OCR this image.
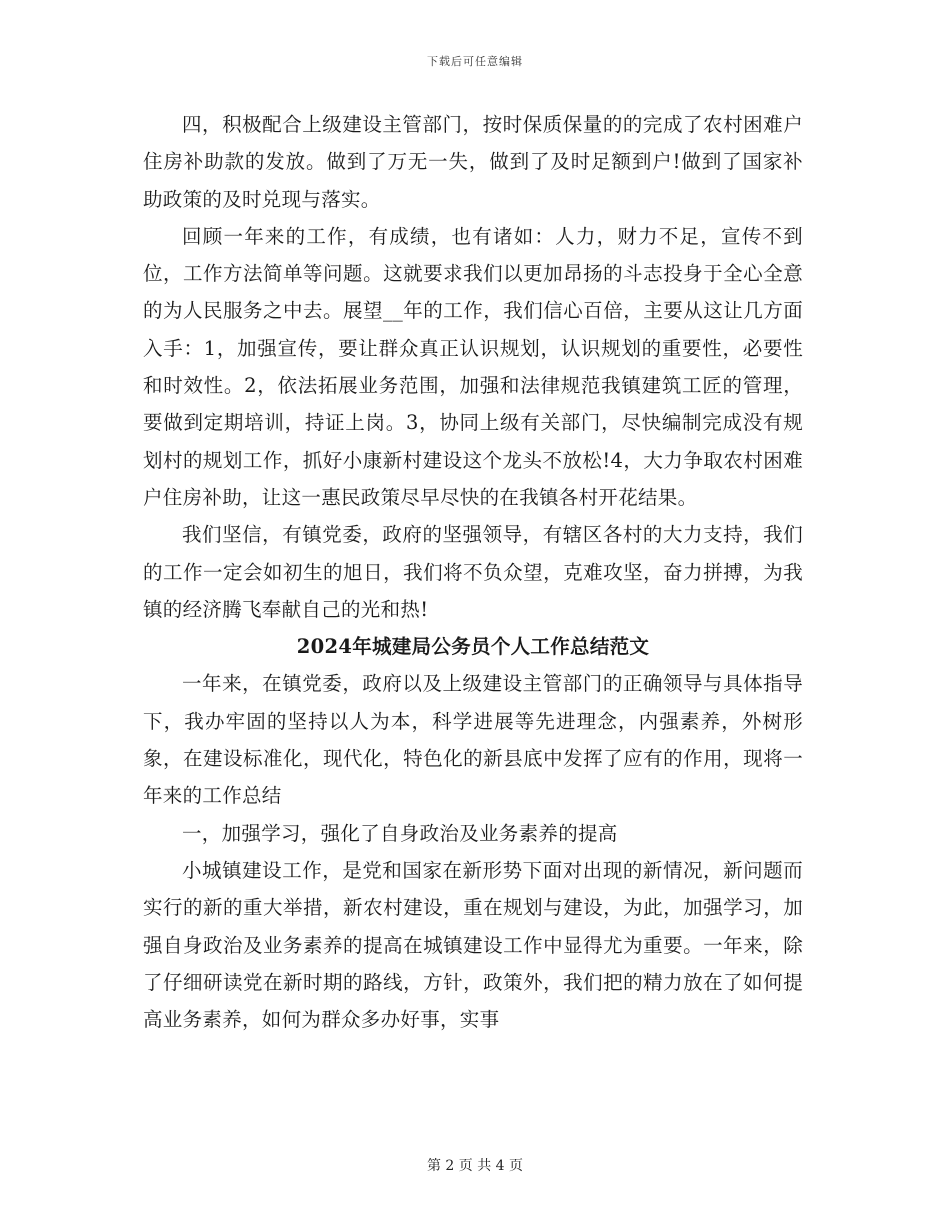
下载后可任意编辑

四，积极配合上级建设主管部门，按时保质保量的的完成了农村困难户住房补助款的发放。做到了万无一失，做到了及时足额到户!做到了国家补助政策的及时兑现与落实。

回顾一年来的工作，有成绩，也有诸如：人力，财力不足，宣传不到位，工作方法简单等问题。这就要求我们以更加昂扬的斗志投身于全心全意的为人民服务之中去。展望__年的工作，我们信心百倍，主要从这让几方面入手：1，加强宣传，要让群众真正认识规划，认识规划的重要性，必要性和时效性。2，依法拓展业务范围，加强和法律规范我镇建筑工匠的管理，要做到定期培训，持证上岗。3，协同上级有关部门，尽快编制完成没有规划村的规划工作，抓好小康新村建设这个龙头不放松!4，大力争取农村困难户住房补助，让这一惠民政策尽早尽快的在我镇各村开花结果。

我们坚信，有镇党委，政府的坚强领导，有辖区各村的大力支持，我们的工作一定会如初生的旭日，我们将不负众望，克难攻坚，奋力拼搏，为我镇的经济腾飞奉献自己的光和热!

2024年城建局公务员个人工作总结范文

一年来，在镇党委，政府以及上级建设主管部门的正确领导与具体指导下，我办牢固的坚持以人为本，科学进展等先进理念，内强素养，外树形象，在建设标准化，现代化，特色化的新县底中发挥了应有的作用，现将一年来的工作总结

一，加强学习，强化了自身政治及业务素养的提高

小城镇建设工作，是党和国家在新形势下面对出现的新情况，新问题而实行的新的重大举措，新农村建设，重在规划与建设，为此，加强学习，加强自身政治及业务素养的提高在城镇建设工作中显得尤为重要。一年来，除了仔细研读党在新时期的路线，方针，政策外，我们把的精力放在了如何提高业务素养，如何为群众多办好事，实事

第 2 页 共 4 页
